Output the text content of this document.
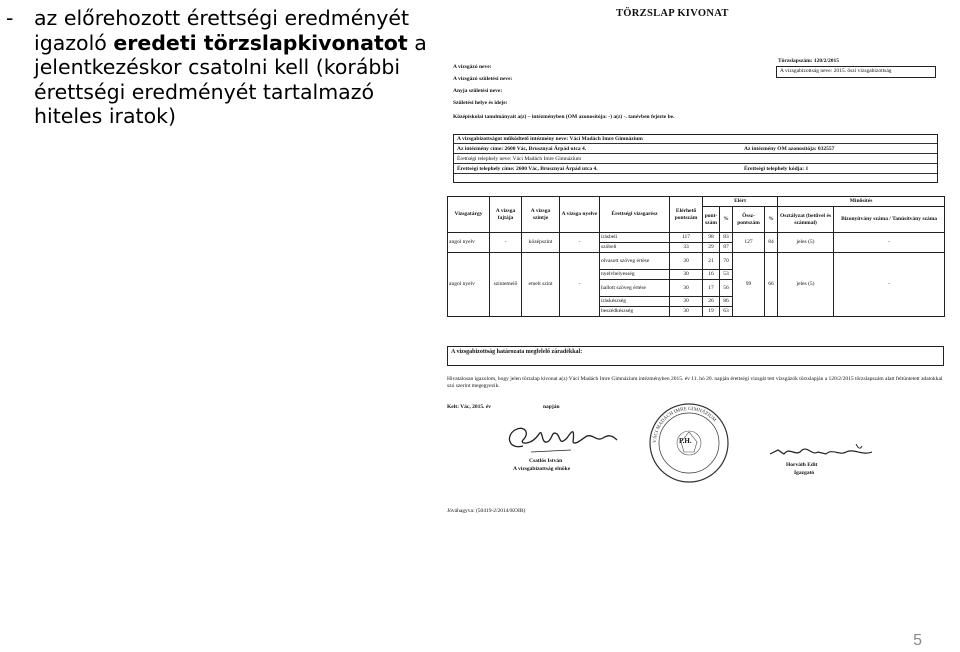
- az előrehozott érettségi eredményét igazoló eredeti törzslapkivonatot a jelentkezéskor csatolni kell (korábbi érettségi eredményét tartalmazó hiteles iratok)
TÖRZSLAP KIVONAT
Törzslapszám: 120/2/2015
A vizsgabizottság neve: 2015. őszi vizsgabizottság
A vizsgázó neve:
A vizsgázó születési neve:
Anyja születési neve:
Születési helye és ideje:
Középiskolai tanulmányait a(z) – intézményben (OM azonosítója: -) a(z) -. tanévben fejezte be.
A vizsgabizottságot működtető intézmény neve: Váci Madách Imre Gimnázium
Az intézmény címe: 2600 Vác, Brusznyai Árpád utca 4.	Az intézmény OM azonosítója: 032557
Érettségi telephely neve: Váci Madách Imre Gimnázium
Érettségi telephely címe: 2600 Vác, Brusznyai Árpád utca 4.	Érettségi telephely kódja: 1
Vizsgatárgy	A vizsga fajtája	A vizsga szintje	A vizsga nyelve	Érettségi vizsgarész	Elérhető pontszám	Elért				Minősítés	
						pont-szám	%	Össz-pontszám	%	Osztályzat (betűvel és számmal)	Bizonyítvány száma / Tanúsítvány száma
angol nyelv	-	középszint	-	írásbeli	117	98	83	127	84	jeles (5)	-
				szóbeli	33	29	87				
angol nyelv	szintemelő	emelt szint	-	olvasott szöveg értése	30	21	70	99	66	jeles (5)	-
				nyelvhelyesség	30	16	53				
				hallott szöveg értése	30	17	56				
				íráskészség	30	26	86				
				beszédkészség	30	19	63				
A vizsgabizottság határozata megfelelő záradékkal:
Hivatalosan igazolom, hogy jelen törzslap kivonat a(z) Váci Madách Imre Gimnázium intézményben 2015. év 11. hó 20. napján érettségi vizsgát tett vizsgázók törzslapján a 120/2/2015 törzslapszám alatt feltüntetett adatokkal szó szerint megegyezik.
Kelt: Vác, 2015. év	napján
Csatlós István
A vizsgabizottság elnöke
VÁCI MADÁCH IMRE GIMNÁZIUM
P.H.
Horváth Edit
Igazgató
Jóváhagyva: (50419-2/2014/KOIR)
5
